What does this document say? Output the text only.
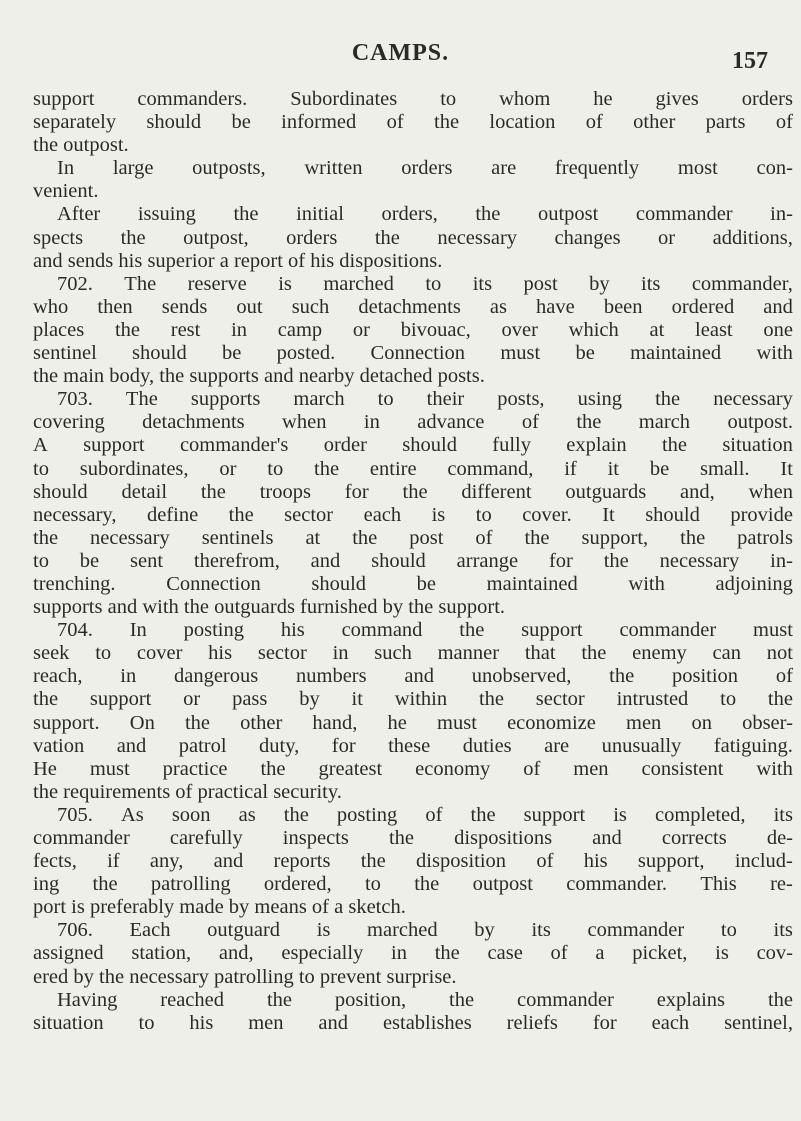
CAMPS.	157
support commanders. Subordinates to whom he gives orders
separately should be informed of the location of other parts of
the outpost.
In large outposts, written orders are frequently most con-
venient.
After issuing the initial orders, the outpost commander in-
spects the outpost, orders the necessary changes or additions,
and sends his superior a report of his dispositions.
702. The reserve is marched to its post by its commander,
who then sends out such detachments as have been ordered and
places the rest in camp or bivouac, over which at least one
sentinel should be posted. Connection must be maintained with
the main body, the supports and nearby detached posts.
703. The supports march to their posts, using the necessary
covering detachments when in advance of the march outpost.
A support commander's order should fully explain the situation
to subordinates, or to the entire command, if it be small. It
should detail the troops for the different outguards and, when
necessary, define the sector each is to cover. It should provide
the necessary sentinels at the post of the support, the patrols
to be sent therefrom, and should arrange for the necessary in-
trenching. Connection should be maintained with adjoining
supports and with the outguards furnished by the support.
704. In posting his command the support commander must
seek to cover his sector in such manner that the enemy can not
reach, in dangerous numbers and unobserved, the position of
the support or pass by it within the sector intrusted to the
support. On the other hand, he must economize men on obser-
vation and patrol duty, for these duties are unusually fatiguing.
He must practice the greatest economy of men consistent with
the requirements of practical security.
705. As soon as the posting of the support is completed, its
commander carefully inspects the dispositions and corrects de-
fects, if any, and reports the disposition of his support, includ-
ing the patrolling ordered, to the outpost commander. This re-
port is preferably made by means of a sketch.
706. Each outguard is marched by its commander to its
assigned station, and, especially in the case of a picket, is cov-
ered by the necessary patrolling to prevent surprise.
Having reached the position, the commander explains the
situation to his men and establishes reliefs for each sentinel,
